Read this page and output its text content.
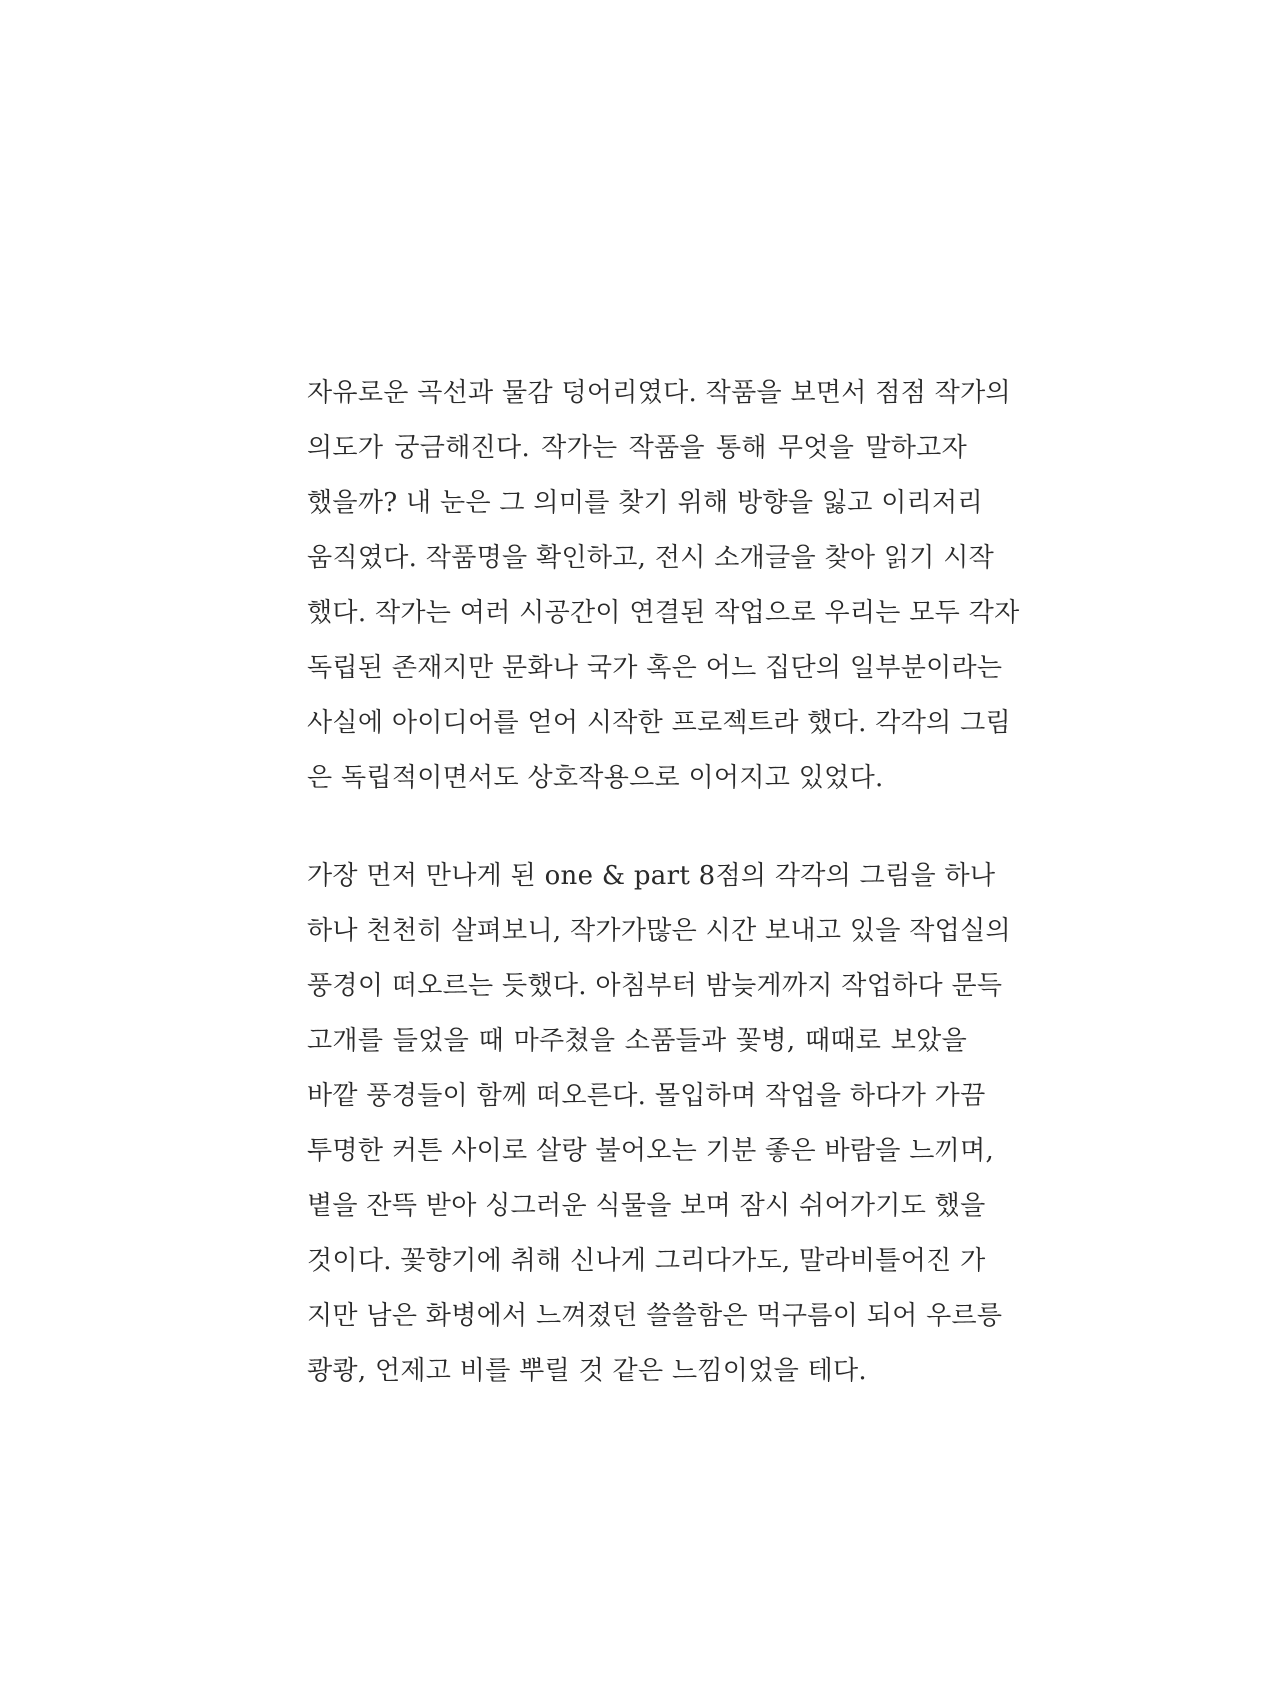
자유로운 곡선과 물감 덩어리였다. 작품을 보면서 점점 작가의
의도가 궁금해진다. 작가는 작품을 통해 무엇을 말하고자
했을까? 내 눈은 그 의미를 찾기 위해 방향을 잃고 이리저리
움직였다. 작품명을 확인하고, 전시 소개글을 찾아 읽기 시작
했다. 작가는 여러 시공간이 연결된 작업으로 우리는 모두 각자
독립된 존재지만 문화나 국가 혹은 어느 집단의 일부분이라는
사실에 아이디어를 얻어 시작한 프로젝트라 했다. 각각의 그림
은 독립적이면서도 상호작용으로 이어지고 있었다.
가장 먼저 만나게 된 one & part 8점의 각각의 그림을 하나
하나 천천히 살펴보니, 작가가많은 시간 보내고 있을 작업실의
풍경이 떠오르는 듯했다. 아침부터 밤늦게까지 작업하다 문득
고개를 들었을 때 마주쳤을 소품들과 꽃병, 때때로 보았을
바깥 풍경들이 함께 떠오른다. 몰입하며 작업을 하다가 가끔
투명한 커튼 사이로 살랑 불어오는 기분 좋은 바람을 느끼며,
볕을 잔뜩 받아 싱그러운 식물을 보며 잠시 쉬어가기도 했을
것이다. 꽃향기에 취해 신나게 그리다가도, 말라비틀어진 가
지만 남은 화병에서 느껴졌던 쓸쓸함은 먹구름이 되어 우르릉
쾅쾅, 언제고 비를 뿌릴 것 같은 느낌이었을 테다.
